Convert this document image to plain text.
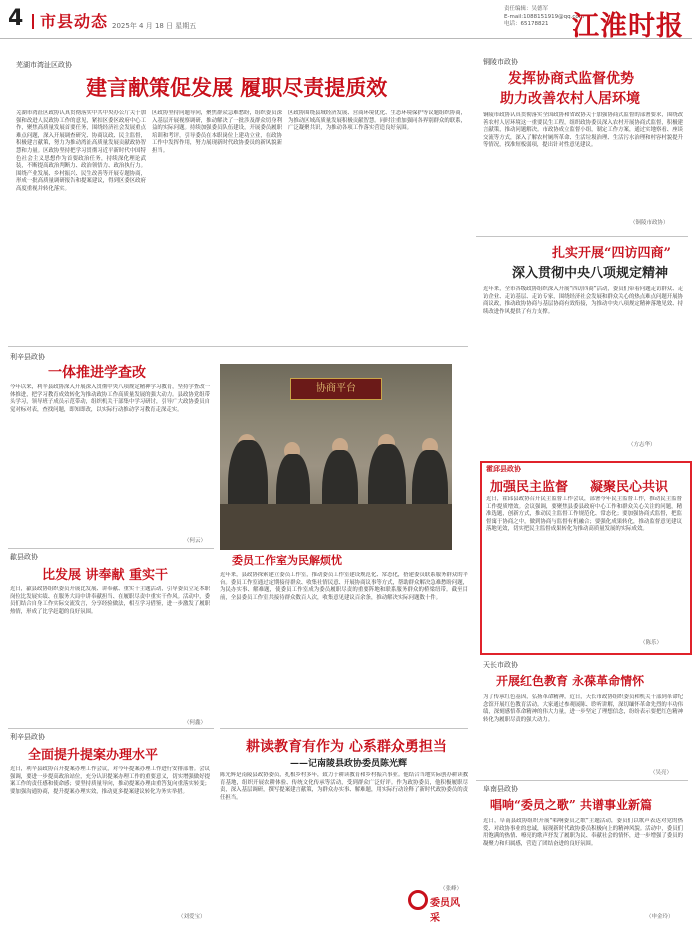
4	市县动态 2025年 4 月 18 日 星期五
责任编辑：吴德军
E-mail:1088151919@qq.com
电话：65178821 江淮时报
芜湖市湾沚区政协
建言献策促发展 履职尽责提质效
芜湖市湾沚区政协认真贯彻落实中共中央办公厅关于加强和改进人民政协工作的意见，紧扣区委区政府中心工作，聚焦高质量发展首要任务，围绕经济社会发展重点难点问题，深入开展调查研究、协商议政、民主监督，积极建言献策，努力为推动湾沚高质量发展贡献政协智慧和力量。区政协坚持把学习贯彻习近平新时代中国特色社会主义思想作为首要政治任务，持续深化理论武装，不断提高政治判断力、政治领悟力、政治执行力。围绕产业发展、乡村振兴、民生改善等开展专题协商，形成一批高质量调研报告和提案建议，得到区委区政府高度重视并转化落实。
区政协坚持问题导向，聚焦群众急难愁盼，组织委员深入基层开展视察调研，推动解决了一批涉及群众切身利益的实际问题。持续加强委员队伍建设，开展委员履职培训和考评，引导委员在本职岗位上建功立业，在政协工作中发挥作用，努力展现新时代政协委员的新风貌新担当。
区政协围绕县域经济发展、营商环境优化、生态环境保护等议题组织协商，为推动区域高质量发展积极贡献智慧。同时注重加强同各界别群众的联系，广泛凝聚共识，为推动各项工作落实营造良好氛围。
铜陵市政协
发挥协商式监督优势
助力改善农村人居环境
铜陵市政协认真贯彻落实全国政协和省政协关于加强协商式监督的部署要求，围绕改善农村人居环境这一重要民生工程，组织政协委员深入农村开展协商式监督，积极建言献策，推动问题解决。市政协成立监督小组，制定工作方案，通过实地察看、座谈交流等方式，深入了解农村厕所革命、生活垃圾治理、生活污水治理和村容村貌提升等情况，找准短板弱项，提出针对性意见建议。
（铜陵市政协）
扎实开展“四访四商”
深入贯彻中央八项规定精神
近年来，全市各级政协组织深入开展“四访四商”活动，委员们带着问题走访群众、走访企业、走访基层、走访专家，围绕经济社会发展和群众关心的热点难点问题开展协商议政，推动政协协商与基层协商有效衔接，为推动中央八项规定精神落地见效、持续改进作风提供了有力支撑。
（方志华）
利辛县政协
一体推进学查改
今年以来，利辛县政协深入开展深入贯彻中央八项规定精神学习教育，坚持学查改一体推进，把学习教育成效转化为推动政协工作高质量发展的强大动力。县政协党组带头学习，领导班子成员示范带动，组织机关干部集中学习研讨，引导广大政协委员自觉对标对表，查找问题，即知即改，以实际行动推动学习教育走深走实。
（何云）
协商平台
委员工作室为民解烦忧
近年来，县政协探索建立委员工作室，推动委员工作室建设规范化、常态化，搭建委员联系服务群众的平台。委员工作室通过定期接待群众、收集社情民意、开展协商议事等方式，帮助群众解决急难愁盼问题，为民办实事、解难题，使委员工作室成为委员履职尽责的重要阵地和联系服务群众的桥梁纽带。截至目前，全县委员工作室共接待群众数百人次，收集意见建议百余条，推动解决实际问题数十件。
歙县政协
比发展 讲奉献 重实干
近日，歙县政协组织委员开展比发展、讲奉献、重实干主题活动，引导委员立足本职岗位比发展实绩、在服务大局中讲奉献担当、在履职尽责中重实干作风。活动中，委员们结合自身工作实际交流发言，分享经验做法，相互学习借鉴，进一步激发了履职热情，形成了比学赶超的良好氛围。
（何鑫）
霍邱县政协
加强民主监督 凝聚民心共识
近日，霍邱县政协召开民主监督工作会议，部署今年民主监督工作，推动民主监督工作提质增效。会议强调，要聚焦县委县政府中心工作和群众关心关注的问题，精准选题，创新方式，推动民主监督工作规范化、常态化；要加强协商式监督，把监督寓于协商之中，做到协商与监督有机融合；要强化成果转化，推动监督意见建议落地见效，切实把民主监督成果转化为推动高质量发展的实际成效。
（陈乐）
天长市政协
开展红色教育 永葆革命情怀
为了传承红色基因，弘扬革命精神，近日，天长市政协组织委员和机关干部到革命纪念馆开展红色教育活动。大家通过参观展陈、聆听讲解，深切缅怀革命先烈的丰功伟绩，深刻感悟革命精神的伟大力量，进一步坚定了理想信念，纷纷表示要把红色精神转化为履职尽责的强大动力。
（吴亮）
利辛县政协
全面提升提案办理水平
近日，利辛县政协召开提案办理工作会议，对今年提案办理工作进行安排部署。会议强调，要进一步提高政治站位，充分认识提案办理工作的重要意义，切实增强做好提案工作的责任感和使命感；要坚持质量导向，推动提案办理由重答复向重落实转变；要加强沟通协商，提升提案办理实效，推动更多提案建议转化为务实举措。
（刘爱宝）
耕读教育有作为 心系群众勇担当
——记南陵县政协委员陈光辉
陈光辉是南陵县政协委员，扎根乡村多年，致力于耕读教育和乡村振兴事业。他结合当地实际创办耕读教育基地，组织开展农耕体验、传统文化传承等活动，受到群众广泛好评。作为政协委员，他积极履职尽责，深入基层调研，撰写提案建言献策，为群众办实事、解难题，用实际行动诠释了新时代政协委员的责任担当。
（张峰）
阜南县政协
唱响“委员之歌” 共谱事业新篇
近日，阜南县政协组织开展“唱响委员之歌”主题活动，委员们以歌声表达对党的热爱、对政协事业的忠诚，展现新时代政协委员积极向上的精神风貌。活动中，委员们用饱满的热情、嘹亮的歌声抒发了履职为民、奉献社会的情怀，进一步增强了委员的凝聚力和归属感，营造了团结奋进的良好氛围。
（申金玲）
委员风采
